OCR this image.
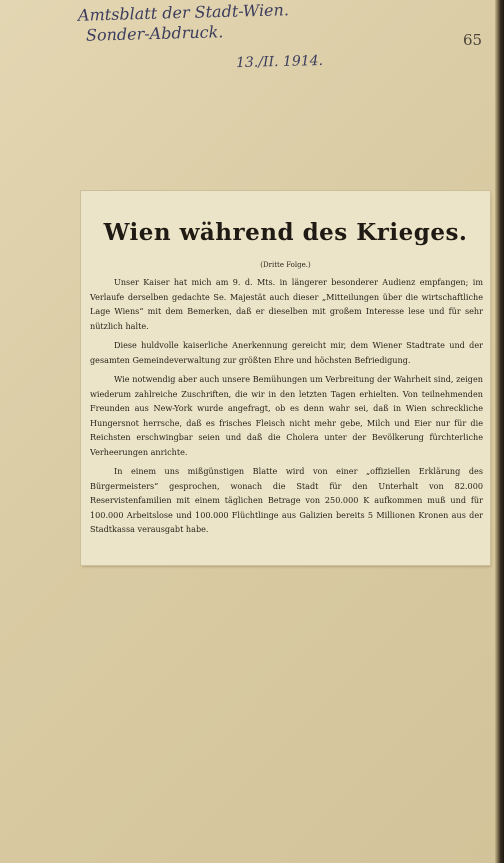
Amtsblatt der Stadt-Wien.
Sonder-Abdruck.
13./II. 1914.
65
Wien während des Krieges.
(Dritte Folge.)

Unser Kaiser hat mich am 9. d. Mts. in längerer besonderer Audienz empfangen; im Verlaufe derselben gedachte Se. Majestät auch dieser „Mitteilungen über die wirtschaftliche Lage Wiens“ mit dem Bemerken, daß er dieselben mit großem Interesse lese und für sehr nützlich halte.

Diese huldvolle kaiserliche Anerkennung gereicht mir, dem Wiener Stadtrate und der gesamten Gemeindeverwaltung zur größten Ehre und höchsten Befriedigung.

Wie notwendig aber auch unsere Bemühungen um Verbreitung der Wahrheit sind, zeigen wiederum zahlreiche Zuschriften, die wir in den letzten Tagen erhielten. Von teilnehmenden Freunden aus New-York wurde angefragt, ob es denn wahr sei, daß in Wien schreckliche Hungersnot herrsche, daß es frisches Fleisch nicht mehr gebe, Milch und Eier nur für die Reichsten erschwingbar seien und daß die Cholera unter der Bevölkerung fürchterliche Verheerungen anrichte.

In einem uns mißgünstigen Blatte wird von einer „offiziellen Erklärung des Bürgermeisters“ gesprochen, wonach die Stadt für den Unterhalt von 82.000 Reservistenfamilien mit einem täglichen Betrage von 250.000 K aufkommen muß und für 100.000 Arbeitslose und 100.000 Flüchtlinge aus Galizien bereits 5 Millionen Kronen aus der Stadtkassa verausgabt habe.
